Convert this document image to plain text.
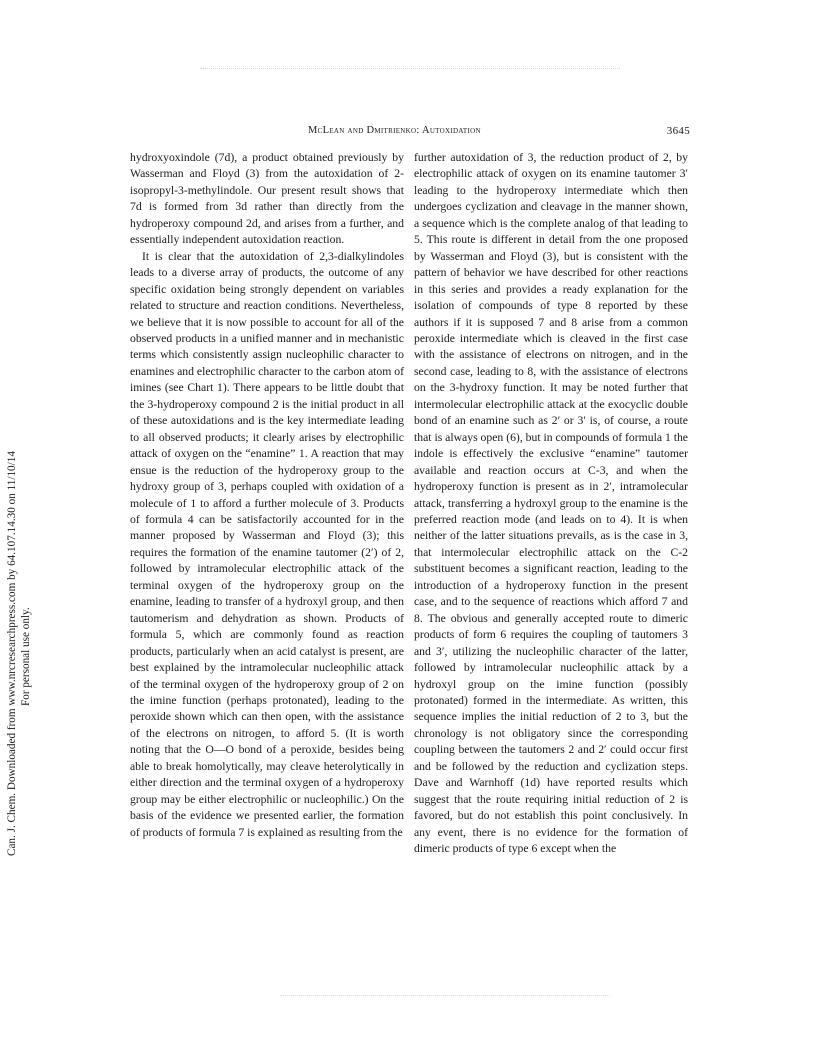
McLean and Dmitrienko: Autoxidation	3645
Can. J. Chem. Downloaded from www.nrcresearchpress.com by 64.107.14.30 on 11/10/14 For personal use only.

hydroxyoxindole (7d), a product obtained previously by Wasserman and Floyd (3) from the autoxidation of 2-isopropyl-3-methylindole. Our present result shows that 7d is formed from 3d rather than directly from the hydroperoxy compound 2d, and arises from a further, and essentially independent autoxidation reaction.

It is clear that the autoxidation of 2,3-dialkylindoles leads to a diverse array of products, the outcome of any specific oxidation being strongly dependent on variables related to structure and reaction conditions. Nevertheless, we believe that it is now possible to account for all of the observed products in a unified manner and in mechanistic terms which consistently assign nucleophilic character to enamines and electrophilic character to the carbon atom of imines (see Chart 1). There appears to be little doubt that the 3-hydroperoxy compound 2 is the initial product in all of these autoxidations and is the key intermediate leading to all observed products; it clearly arises by electrophilic attack of oxygen on the “enamine” 1. A reaction that may ensue is the reduction of the hydroperoxy group to the hydroxy group of 3, perhaps coupled with oxidation of a molecule of 1 to afford a further molecule of 3. Products of formula 4 can be satisfactorily accounted for in the manner proposed by Wasserman and Floyd (3); this requires the formation of the enamine tautomer (2′) of 2, followed by intramolecular electrophilic attack of the terminal oxygen of the hydroperoxy group on the enamine, leading to transfer of a hydroxyl group, and then tautomerism and dehydration as shown. Products of formula 5, which are commonly found as reaction products, particularly when an acid catalyst is present, are best explained by the intramolecular nucleophilic attack of the terminal oxygen of the hydroperoxy group of 2 on the imine function (perhaps protonated), leading to the peroxide shown which can then open, with the assistance of the electrons on nitrogen, to afford 5. (It is worth noting that the O—O bond of a peroxide, besides being able to break homolytically, may cleave heterolytically in either direction and the terminal oxygen of a hydroperoxy group may be either electrophilic or nucleophilic.) On the basis of the evidence we presented earlier, the formation of products of formula 7 is explained as resulting from the

further autoxidation of 3, the reduction product of 2, by electrophilic attack of oxygen on its enamine tautomer 3′ leading to the hydroperoxy intermediate which then undergoes cyclization and cleavage in the manner shown, a sequence which is the complete analog of that leading to 5. This route is different in detail from the one proposed by Wasserman and Floyd (3), but is consistent with the pattern of behavior we have described for other reactions in this series and provides a ready explanation for the isolation of compounds of type 8 reported by these authors if it is supposed 7 and 8 arise from a common peroxide intermediate which is cleaved in the first case with the assistance of electrons on nitrogen, and in the second case, leading to 8, with the assistance of electrons on the 3-hydroxy function. It may be noted further that intermolecular electrophilic attack at the exocyclic double bond of an enamine such as 2′ or 3′ is, of course, a route that is always open (6), but in compounds of formula 1 the indole is effectively the exclusive “enamine” tautomer available and reaction occurs at C-3, and when the hydroperoxy function is present as in 2′, intramolecular attack, transferring a hydroxyl group to the enamine is the preferred reaction mode (and leads on to 4). It is when neither of the latter situations prevails, as is the case in 3, that intermolecular electrophilic attack on the C-2 substituent becomes a significant reaction, leading to the introduction of a hydroperoxy function in the present case, and to the sequence of reactions which afford 7 and 8. The obvious and generally accepted route to dimeric products of form 6 requires the coupling of tautomers 3 and 3′, utilizing the nucleophilic character of the latter, followed by intramolecular nucleophilic attack by a hydroxyl group on the imine function (possibly protonated) formed in the intermediate. As written, this sequence implies the initial reduction of 2 to 3, but the chronology is not obligatory since the corresponding coupling between the tautomers 2 and 2′ could occur first and be followed by the reduction and cyclization steps. Dave and Warnhoff (1d) have reported results which suggest that the route requiring initial reduction of 2 is favored, but do not establish this point conclusively. In any event, there is no evidence for the formation of dimeric products of type 6 except when the
